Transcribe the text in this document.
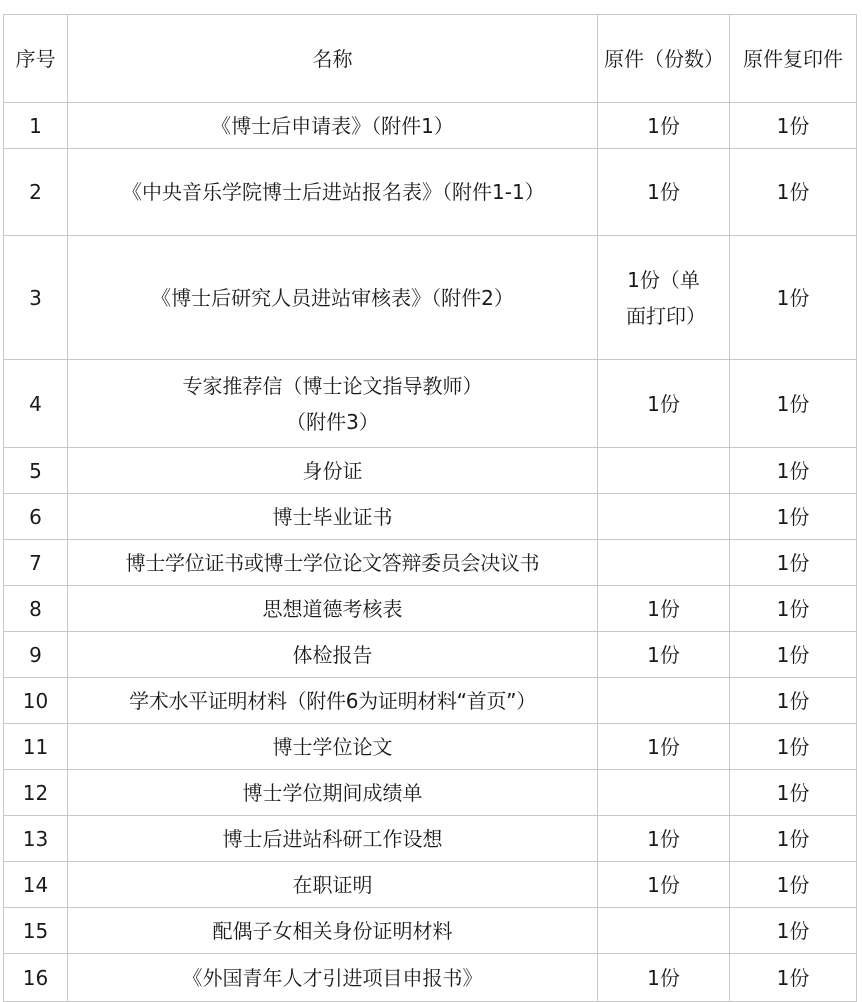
序号	名称	原件（份数）	原件复印件
1	《博士后申请表》（附件1）	1份	1份
2	《中央音乐学院博士后进站报名表》（附件1-1）	1份	1份
3	《博士后研究人员进站审核表》（附件2）	1份（单面打印）	1份
4	专家推荐信（博士论文指导教师）（附件3）	1份	1份
5	身份证		1份
6	博士毕业证书		1份
7	博士学位证书或博士学位论文答辩委员会决议书		1份
8	思想道德考核表	1份	1份
9	体检报告	1份	1份
10	学术水平证明材料（附件6为证明材料“首页”）		1份
11	博士学位论文	1份	1份
12	博士学位期间成绩单		1份
13	博士后进站科研工作设想	1份	1份
14	在职证明	1份	1份
15	配偶子女相关身份证明材料		1份
16	《外国青年人才引进项目申报书》	1份	1份
